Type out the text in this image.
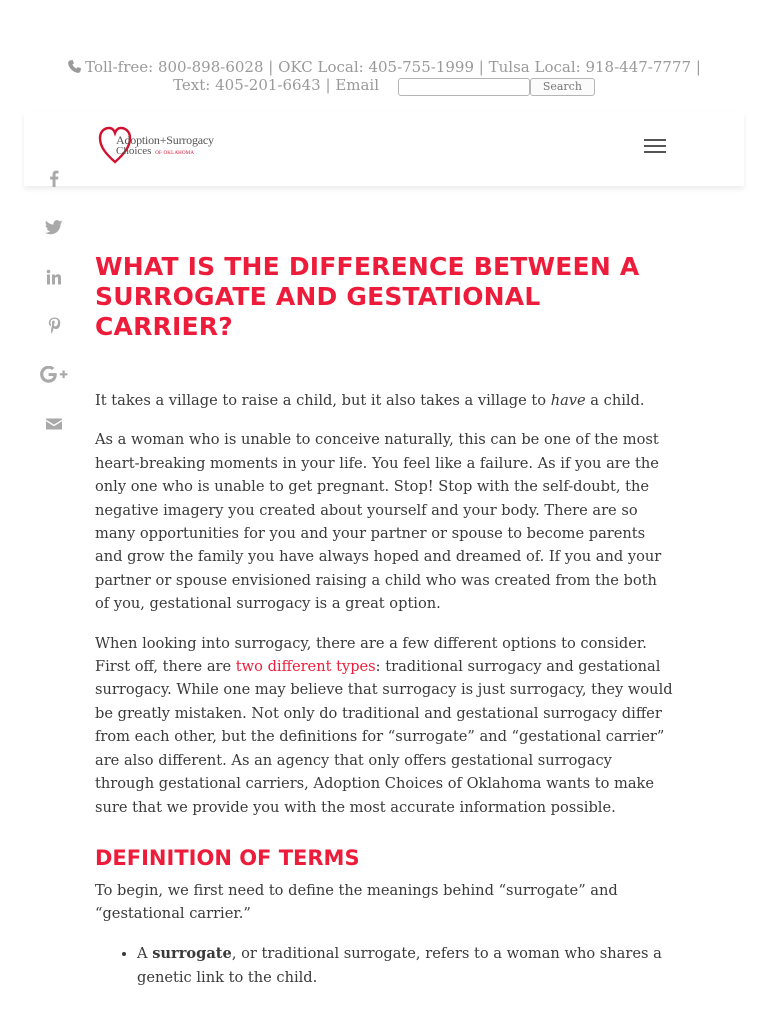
Toll-free: 800-898-6028 | OKC Local: 405-755-1999 | Tulsa Local: 918-447-7777 |
Text: 405-201-6643 | Email	Search
Adoption+Surrogacy
Choices OF OKLAHOMA
WHAT IS THE DIFFERENCE BETWEEN A SURROGATE AND GESTATIONAL CARRIER?

It takes a village to raise a child, but it also takes a village to have a child.

As a woman who is unable to conceive naturally, this can be one of the most heart-breaking moments in your life. You feel like a failure. As if you are the only one who is unable to get pregnant. Stop! Stop with the self-doubt, the negative imagery you created about yourself and your body. There are so many opportunities for you and your partner or spouse to become parents and grow the family you have always hoped and dreamed of. If you and your partner or spouse envisioned raising a child who was created from the both of you, gestational surrogacy is a great option.

When looking into surrogacy, there are a few different options to consider. First off, there are two different types: traditional surrogacy and gestational surrogacy. While one may believe that surrogacy is just surrogacy, they would be greatly mistaken. Not only do traditional and gestational surrogacy differ from each other, but the definitions for “surrogate” and “gestational carrier” are also different. As an agency that only offers gestational surrogacy through gestational carriers, Adoption Choices of Oklahoma wants to make sure that we provide you with the most accurate information possible.

DEFINITION OF TERMS

To begin, we first need to define the meanings behind “surrogate” and “gestational carrier.”

• A surrogate, or traditional surrogate, refers to a woman who shares a genetic link to the child.
